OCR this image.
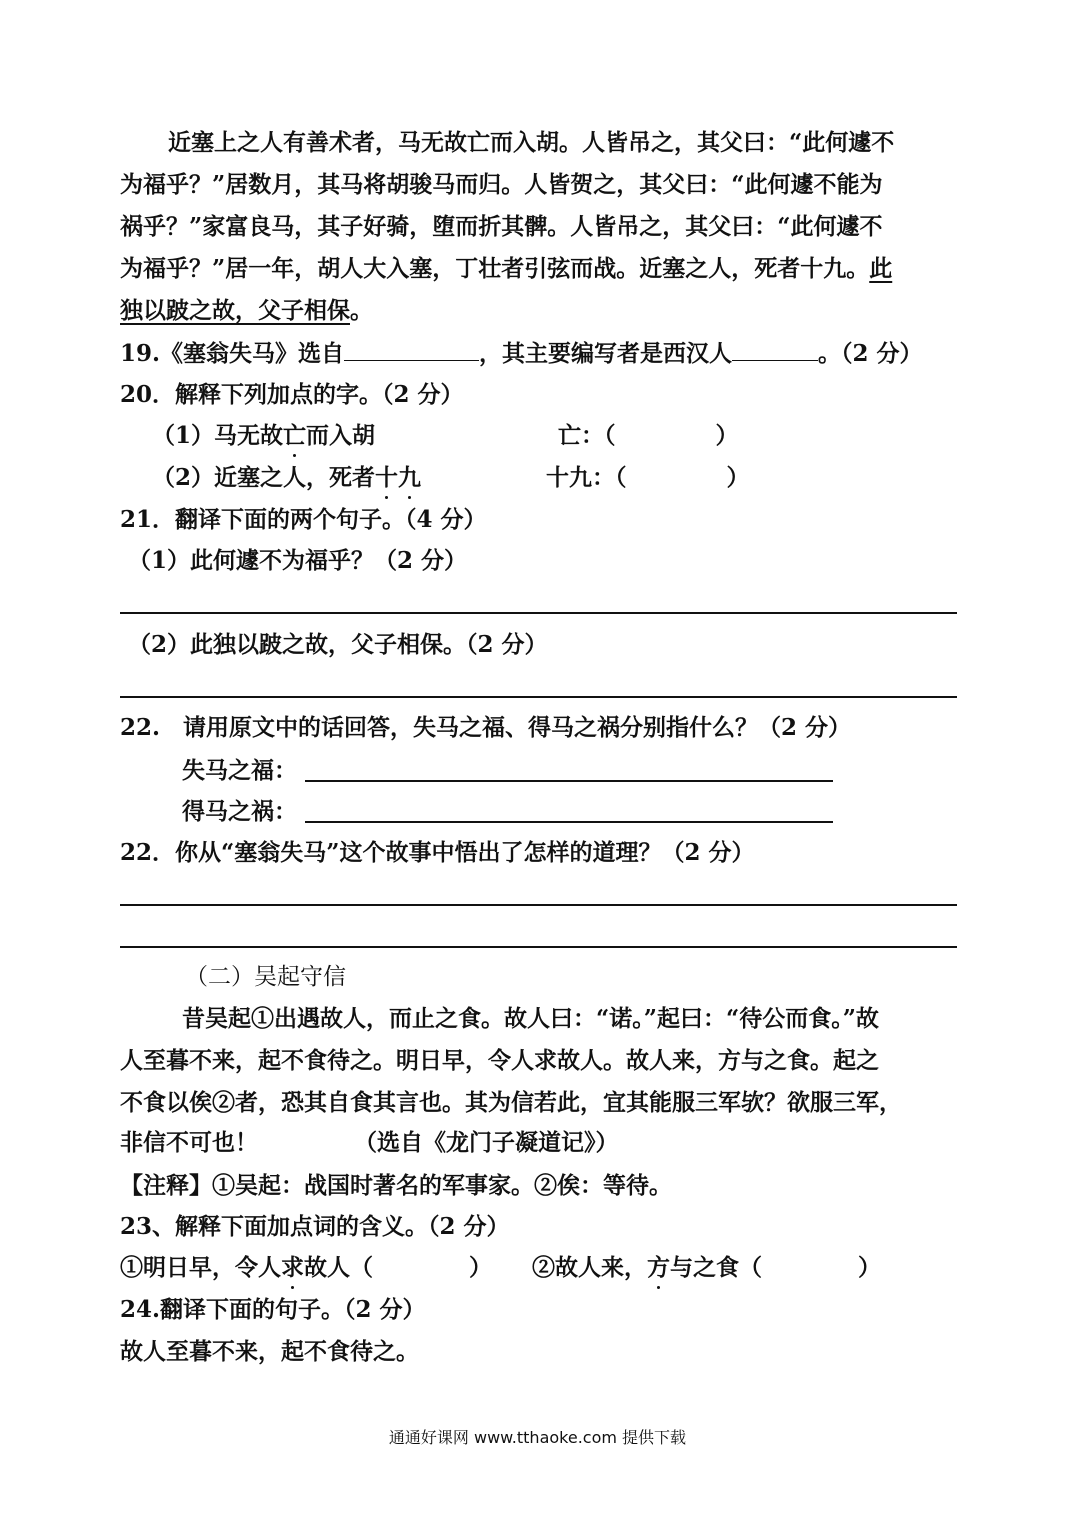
近塞上之人有善术者，马无故亡而入胡。人皆吊之，其父曰：“此何遽不
为福乎？”居数月，其马将胡骏马而归。人皆贺之，其父曰：“此何遽不能为
祸乎？”家富良马，其子好骑，堕而折其髀。人皆吊之，其父曰：“此何遽不
为福乎？”居一年，胡人大入塞，丁壮者引弦而战。近塞之人，死者十九。此
独以跛之故，父子相保。
19.《塞翁失马》选自	，其主要编写者是西汉人	。（2 分）
20．解释下列加点的字。（2 分）
（1）马无故亡而入胡	亡：（	）
（2）近塞之人，死者十九	十九：（	）
21．翻译下面的两个句子。（4 分）
（1）此何遽不为福乎？（2 分）
（2）此独以跛之故，父子相保。（2 分）
22.　请用原文中的话回答，失马之福、得马之祸分别指什么？（2 分）
失马之福：
得马之祸：
22．你从“塞翁失马”这个故事中悟出了怎样的道理？（2 分）
（二）吴起守信
昔吴起①出遇故人，而止之食。故人曰：“诺。”起曰：“待公而食。”故
人至暮不来，起不食待之。明日早，令人求故人。故人来，方与之食。起之
不食以俟②者，恐其自食其言也。其为信若此，宜其能服三军欤？欲服三军，
非信不可也！	（选自《龙门子凝道记》）
【注释】①吴起：战国时著名的军事家。②俟：等待。
23、解释下面加点词的含义。（2 分）
①明日早，令人求故人（	） ②故人来，方与之食（	）
24.翻译下面的句子。（2 分）
故人至暮不来，起不食待之。
通通好课网 www.tthaoke.com 提供下载
